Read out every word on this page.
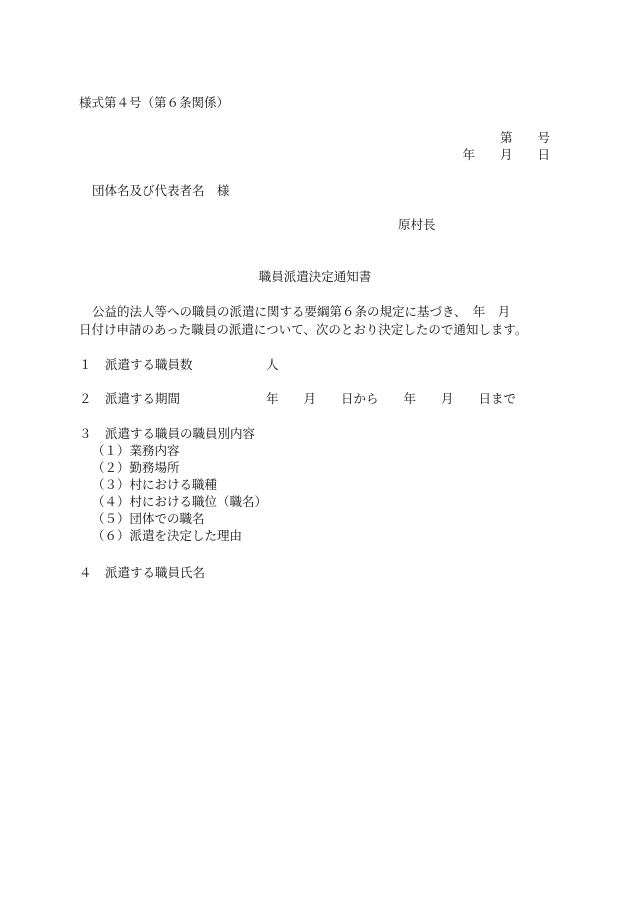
様式第４号（第６条関係）
第　　号
年　　月　　日
団体名及び代表者名　様
原村長
職員派遣決定通知書
公益的法人等への職員の派遣に関する要綱第６条の規定に基づき、　年　月
日付け申請のあった職員の派遣について、次のとおり決定したので通知します。
１ 派遣する職員数	人
２ 派遣する期間	年　　月　　日から　　年　　月　　日まで
３ 派遣する職員の職員別内容
（１）業務内容
（２）勤務場所
（３）村における職種
（４）村における職位（職名）
（５）団体での職名
（６）派遣を決定した理由
４ 派遣する職員氏名
